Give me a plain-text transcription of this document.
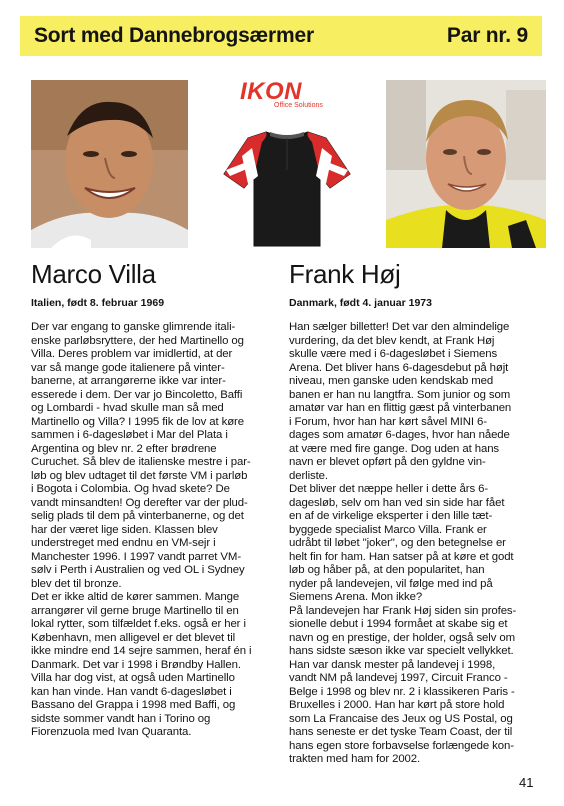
Sort med Dannebrogsærmer	Par nr. 9
IKON
Office Solutions
Marco Villa
Italien, født 8. februar 1969
Frank Høj
Danmark, født 4. januar 1973
Der var engang to ganske glimrende itali-
enske parløbsryttere, der hed Martinello og
Villa. Deres problem var imidlertid, at der
var så mange gode italienere på vinter-
banerne, at arrangørerne ikke var inter-
esserede i dem. Der var jo Bincoletto, Baffi
og Lombardi - hvad skulle man så med
Martinello og Villa? I 1995 fik de lov at køre
sammen i 6-dagesløbet i Mar del Plata i
Argentina og blev nr. 2 efter brødrene
Curuchet. Så blev de italienske mestre i par-
løb og blev udtaget til det første VM i parløb
i Bogota i Colombia. Og hvad skete? De
vandt minsandten! Og derefter var der plud-
selig plads til dem på vinterbanerne, og det
har der været lige siden. Klassen blev
understreget med endnu en VM-sejr i
Manchester 1996. I 1997 vandt parret VM-
sølv i Perth i Australien og ved OL i Sydney
blev det til bronze.
Det er ikke altid de kører sammen. Mange
arrangører vil gerne bruge Martinello til en
lokal rytter, som tilfældet f.eks. også er her i
København, men alligevel er det blevet til
ikke mindre end 14 sejre sammen, heraf én i
Danmark. Det var i 1998 i Brøndby Hallen.
Villa har dog vist, at også uden Martinello
kan han vinde. Han vandt 6-dagesløbet i
Bassano del Grappa i 1998 med Baffi, og
sidste sommer vandt han i Torino og
Fiorenzuola med Ivan Quaranta.
Han sælger billetter! Det var den almindelige
vurdering, da det blev kendt, at Frank Høj
skulle være med i 6-dagesløbet i Siemens
Arena. Det bliver hans 6-dagesdebut på højt
niveau, men ganske uden kendskab med
banen er han nu langtfra. Som junior og som
amatør var han en flittig gæst på vinterbanen
i Forum, hvor han har kørt såvel MINI 6-
dages som amatør 6-dages, hvor han nåede
at være med fire gange. Dog uden at hans
navn er blevet opført på den gyldne vin-
derliste.
Det bliver det næppe heller i dette års 6-
dagesløb, selv om han ved sin side har fået
en af de virkelige eksperter i den lille tæt-
byggede specialist Marco Villa. Frank er
udråbt til løbet "joker", og den betegnelse er
helt fin for ham. Han satser på at køre et godt
løb og håber på, at den popularitet, han
nyder på landevejen, vil følge med ind på
Siemens Arena. Mon ikke?
På landevejen har Frank Høj siden sin profes-
sionelle debut i 1994 formået at skabe sig et
navn og en prestige, der holder, også selv om
hans sidste sæson ikke var specielt vellykket.
Han var dansk mester på landevej i 1998,
vandt NM på landevej 1997, Circuit Franco -
Belge i 1998 og blev nr. 2 i klassikeren Paris -
Bruxelles i 2000. Han har kørt på store hold
som La Francaise des Jeux og US Postal, og
hans seneste er det tyske Team Coast, der til
hans egen store forbavselse forlængede kon-
trakten med ham for 2002.
41
